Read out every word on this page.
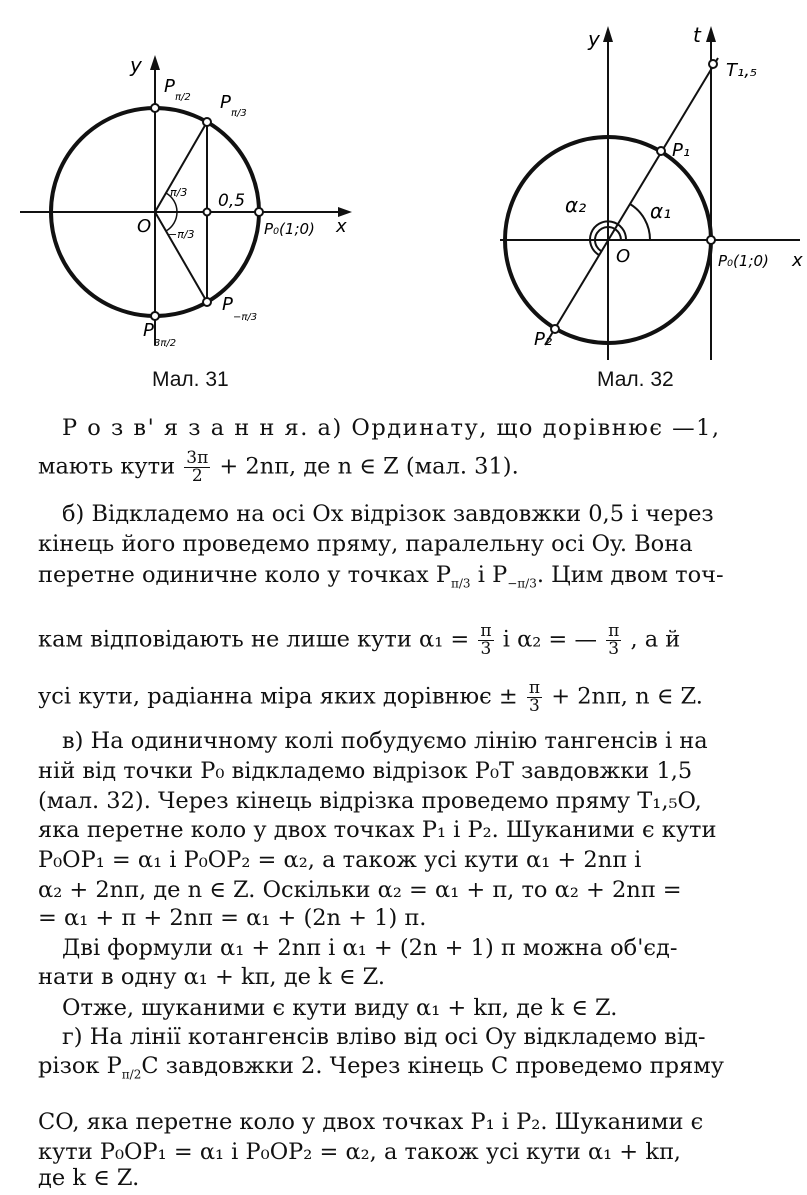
y
x
O
0,5
P₀(1;0)
P
π/2 P
π/3
P
−π/3
P
3π/2
π/3
−π/3
Мал. 31
y	t
T₁,₅
P₁
P₂
O	P₀(1;0) x
α₁
α₂
Мал. 32
Р о з в' я з а н н я. а) Ординату, що дорівнює —1,
мають кути $\frac{3\pi}{2} + 2n\pi$, де n ∈ Z (мал. 31).
б) Відкладемо на осі Ox відрізок завдовжки 0,5 і через
кінець його проведемо пряму, паралельну осі Oy. Вона
перетне одиничне коло у точках $P_{\pi/3}$ і $P_{-\pi/3}$. Цим двом точ-
кам відповідають не лише кути $\alpha_1 = \frac{\pi}{3}$ і α₂ = — $\frac{\pi}{3}$ , а й
усі кути, радіанна міра яких дорівнює ± $\frac{\pi}{3} + 2n\pi$, n ∈ Z.
в) На одиничному колі побудуємо лінію тангенсів і на
ній від точки P₀ відкладемо відрізок P₀T завдовжки 1,5
(мал. 32). Через кінець відрізка проведемо пряму T₁,₅O,
яка перетне коло у двох точках P₁ і P₂. Шуканими є кути
P₀OP₁ = α₁ і P₀OP₂ = α₂, а також усі кути α₁ + 2nπ і
α₂ + 2nπ, де n ∈ Z. Оскільки α₂ = α₁ + π, то α₂ + 2nπ =
= α₁ + π + 2nπ = α₁ + (2n + 1) π.
Дві формули α₁ + 2nπ і α₁ + (2n + 1) π можна об'єд-
нати в одну α₁ + kπ, де k ∈ Z.
Отже, шуканими є кути виду α₁ + kπ, де k ∈ Z.
г) На лінії котангенсів вліво від осі Oy відкладемо від-
різок $P_{\pi/2}C$ завдовжки 2. Через кінець C проведемо пряму
CO, яка перетне коло у двох точках P₁ і P₂. Шуканими є
кути P₀OP₁ = α₁ і P₀OP₂ = α₂, а також усі кути α₁ + kπ,
де k ∈ Z.
